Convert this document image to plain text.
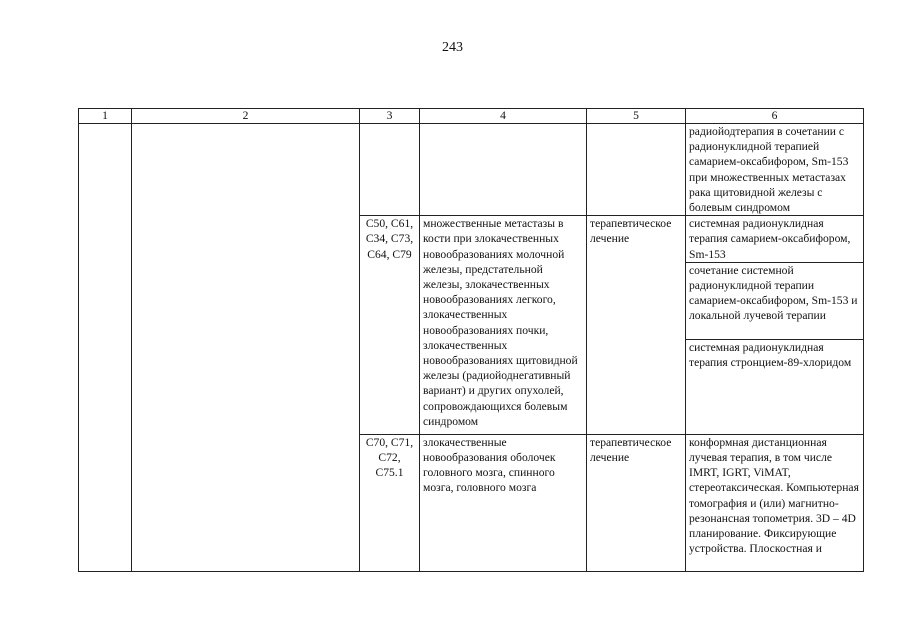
243
1	2	3	4	5	6
					радиойодтерапия в сочетании с радионуклидной терапией самарием-оксабифором, Sm-153 при множественных метастазах рака щитовидной железы с болевым синдромом
		C50, C61, C34, C73, C64, C79	множественные метастазы в кости при злокачественных новообразованиях молочной железы, предстательной железы, злокачественных новообразованиях легкого, злокачественных новообразованиях почки, злокачественных новообразованиях щитовидной железы (радиойоднегативный вариант) и других опухолей, сопровождающихся болевым синдромом	терапевтическое лечение	системная радионуклидная терапия самарием-оксабифором, Sm-153
					сочетание системной радионуклидной терапии самарием-оксабифором, Sm-153 и локальной лучевой терапии
					системная радионуклидная терапия стронцием-89-хлоридом
		C70, C71, C72, C75.1	злокачественные новообразования оболочек головного мозга, спинного мозга, головного мозга	терапевтическое лечение	конформная дистанционная лучевая терапия, в том числе IMRT, IGRT, ViMAT, стереотаксическая. Компьютерная томография и (или) магнитно-резонансная топометрия. 3D – 4D планирование. Фиксирующие устройства. Плоскостная и
